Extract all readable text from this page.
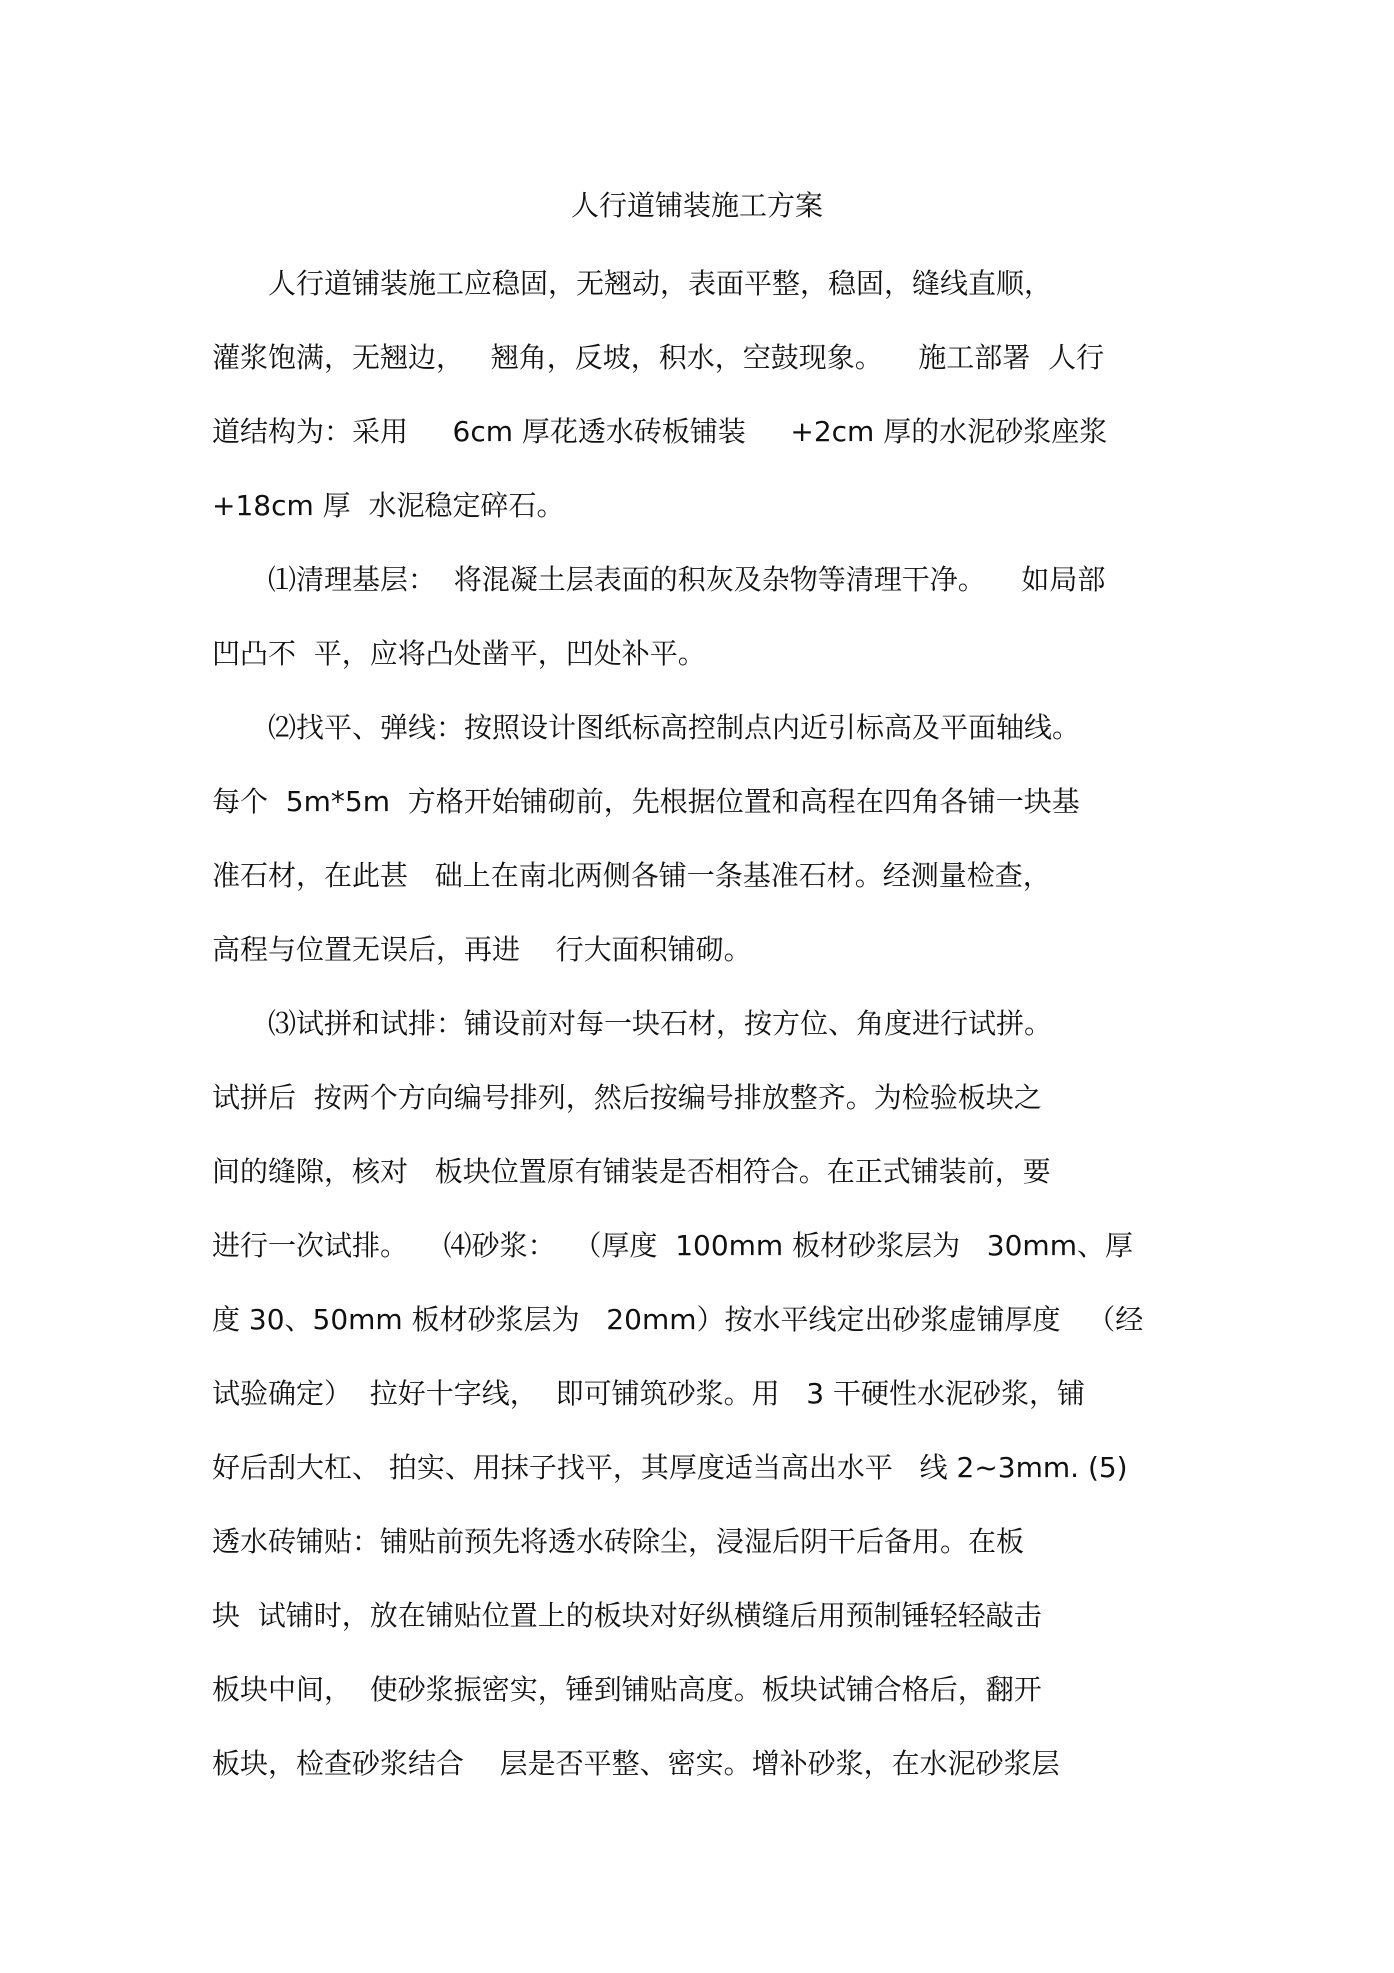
人行道铺装施工方案
　　人行道铺装施工应稳固，无翘动，表面平整，稳固，缝线直顺，
灌浆饱满，无翘边，   翘角，反坡，积水，空鼓现象。    施工部署  人行
道结构为：采用     6cm 厚花透水砖板铺装     +2cm 厚的水泥砂浆座浆
+18cm 厚  水泥稳定碎石。
　　⑴清理基层：  将混凝土层表面的积灰及杂物等清理干净。    如局部
凹凸不  平，应将凸处凿平，凹处补平。
　　⑵找平、弹线：按照设计图纸标高控制点内近引标高及平面轴线。
每个  5m*5m  方格开始铺砌前，先根据位置和高程在四角各铺一块基
准石材，在此甚   础上在南北两侧各铺一条基准石材。经测量检查，
高程与位置无误后，再进    行大面积铺砌。
　　⑶试拼和试排：铺设前对每一块石材，按方位、角度进行试拼。
试拼后  按两个方向编号排列，然后按编号排放整齐。为检验板块之
间的缝隙，核对   板块位置原有铺装是否相符合。在正式铺装前，要
进行一次试排。    ⑷砂浆：  （厚度  100mm 板材砂浆层为   30mm、厚
度 30、50mm 板材砂浆层为   20mm）按水平线定出砂浆虚铺厚度   （经
试验确定）  拉好十字线，  即可铺筑砂浆。用   3 干硬性水泥砂浆，铺
好后刮大杠、 拍实、用抹子找平，其厚度适当高出水平   线 2~3mm. (5)
透水砖铺贴：铺贴前预先将透水砖除尘，浸湿后阴干后备用。在板
块  试铺时，放在铺贴位置上的板块对好纵横缝后用预制锤轻轻敲击
板块中间，  使砂浆振密实，锤到铺贴高度。板块试铺合格后，翻开
板块，检查砂浆结合    层是否平整、密实。增补砂浆，在水泥砂浆层
